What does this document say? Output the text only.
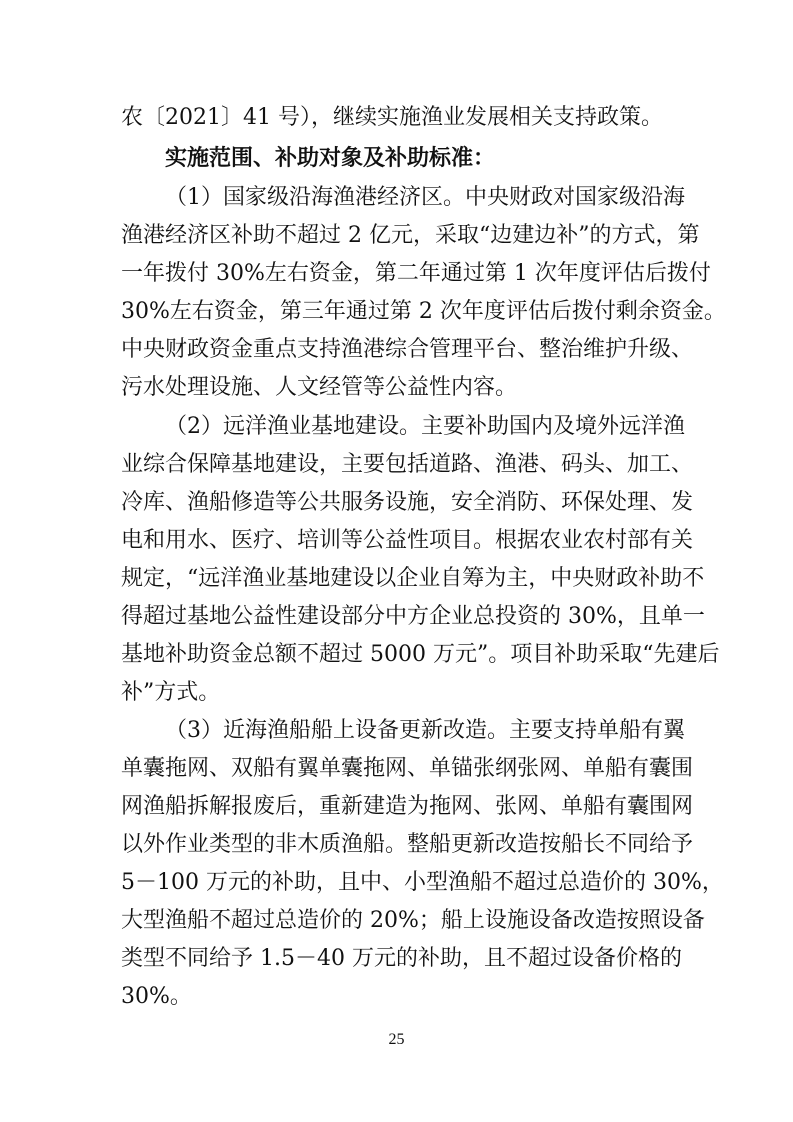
农〔2021〕41 号），继续实施渔业发展相关支持政策。
实施范围、补助对象及补助标准：
（1）国家级沿海渔港经济区。中央财政对国家级沿海
渔港经济区补助不超过 2 亿元，采取“边建边补”的方式，第
一年拨付 30%左右资金，第二年通过第 1 次年度评估后拨付
30%左右资金，第三年通过第 2 次年度评估后拨付剩余资金。
中央财政资金重点支持渔港综合管理平台、整治维护升级、
污水处理设施、人文经管等公益性内容。
（2）远洋渔业基地建设。主要补助国内及境外远洋渔
业综合保障基地建设，主要包括道路、渔港、码头、加工、
冷库、渔船修造等公共服务设施，安全消防、环保处理、发
电和用水、医疗、培训等公益性项目。根据农业农村部有关
规定，“远洋渔业基地建设以企业自筹为主，中央财政补助不
得超过基地公益性建设部分中方企业总投资的 30%，且单一
基地补助资金总额不超过 5000 万元”。项目补助采取“先建后
补”方式。
（3）近海渔船船上设备更新改造。主要支持单船有翼
单囊拖网、双船有翼单囊拖网、单锚张纲张网、单船有囊围
网渔船拆解报废后，重新建造为拖网、张网、单船有囊围网
以外作业类型的非木质渔船。整船更新改造按船长不同给予
5－100 万元的补助，且中、小型渔船不超过总造价的 30%，
大型渔船不超过总造价的 20%；船上设施设备改造按照设备
类型不同给予 1.5－40 万元的补助，且不超过设备价格的
30%。
25
